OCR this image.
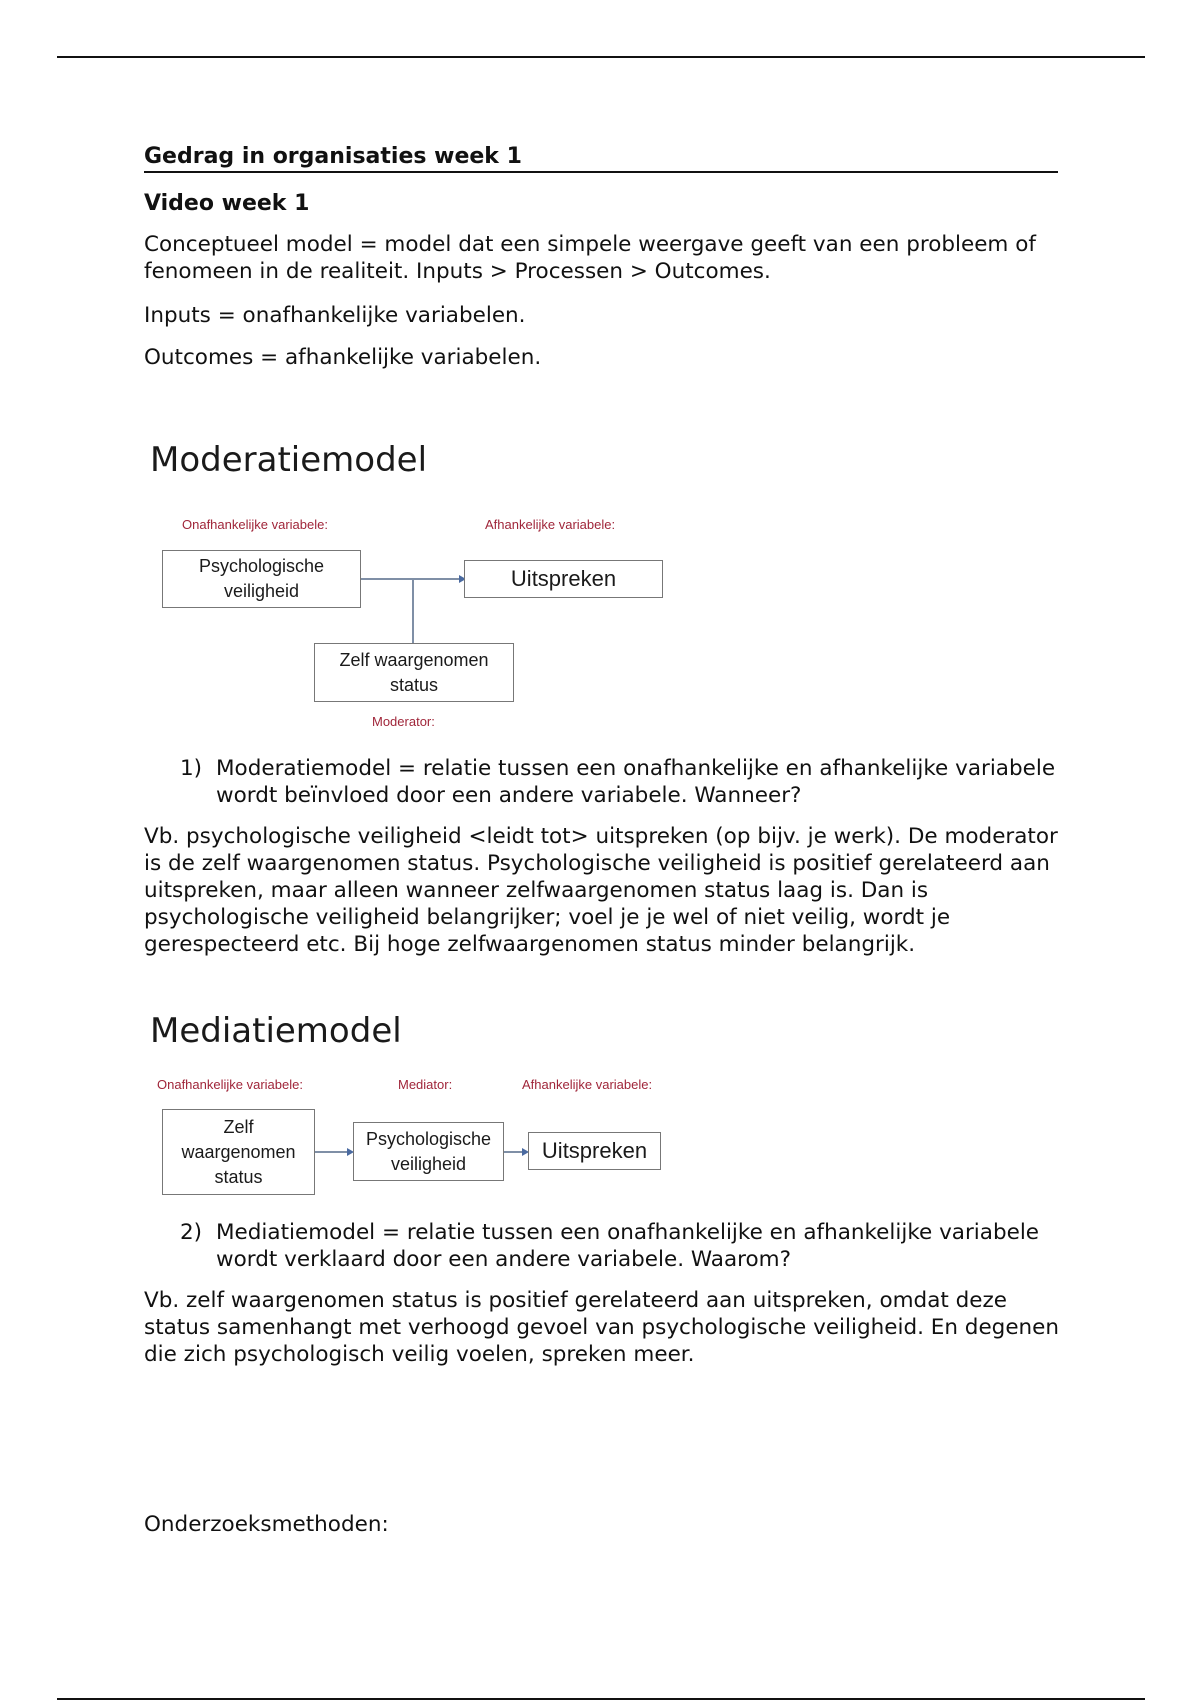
Gedrag in organisaties week 1
Video week 1

Conceptueel model = model dat een simpele weergave geeft van een probleem of fenomeen in de realiteit. Inputs > Processen > Outcomes.

Inputs = onafhankelijke variabelen.

Outcomes = afhankelijke variabelen.

Moderatiemodel
Onafhankelijke variabele:	Afhankelijke variabele:
Psychologische
veiligheid	Uitspreken
Zelf waargenomen
status
Moderator:
1) Moderatiemodel = relatie tussen een onafhankelijke en afhankelijke variabele wordt beïnvloed door een andere variabele. Wanneer?

Vb. psychologische veiligheid <leidt tot> uitspreken (op bijv. je werk). De moderator is de zelf waargenomen status. Psychologische veiligheid is positief gerelateerd aan uitspreken, maar alleen wanneer zelfwaargenomen status laag is. Dan is psychologische veiligheid belangrijker; voel je je wel of niet veilig, wordt je gerespecteerd etc. Bij hoge zelfwaargenomen status minder belangrijk.

Mediatiemodel
Onafhankelijke variabele:	Mediator:	Afhankelijke variabele:
Zelf
waargenomen
status
Psychologische
veiligheid
Uitspreken
2) Mediatiemodel = relatie tussen een onafhankelijke en afhankelijke variabele wordt verklaard door een andere variabele. Waarom?

Vb. zelf waargenomen status is positief gerelateerd aan uitspreken, omdat deze status samenhangt met verhoogd gevoel van psychologische veiligheid. En degenen die zich psychologisch veilig voelen, spreken meer.

Onderzoeksmethoden:
